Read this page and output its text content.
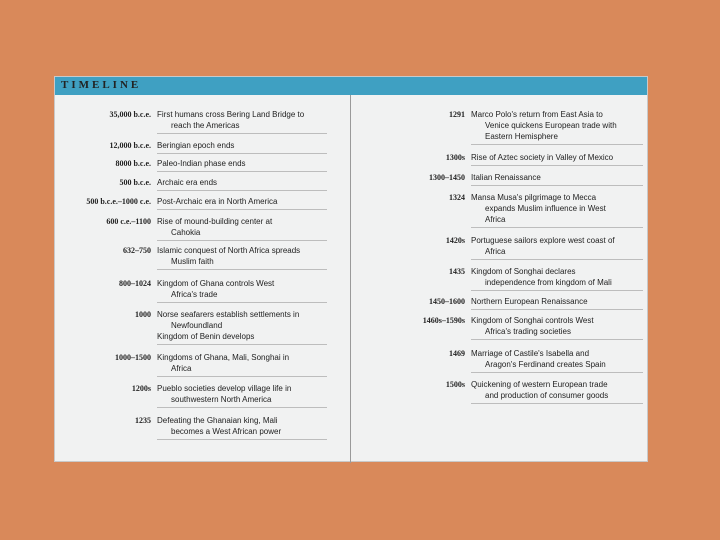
TIMELINE
35,000 b.c.e. First humans cross Bering Land Bridge to
reach the Americas
12,000 b.c.e. Beringian epoch ends
8000 b.c.e. Paleo-Indian phase ends
500 b.c.e. Archaic era ends
500 b.c.e.–1000 c.e. Post-Archaic era in North America
600 c.e.–1100 Rise of mound-building center at
Cahokia
632–750 Islamic conquest of North Africa spreads
Muslim faith
800–1024 Kingdom of Ghana controls West
Africa's trade
1000 Norse seafarers establish settlements in
Newfoundland
Kingdom of Benin develops
1000–1500 Kingdoms of Ghana, Mali, Songhai in
Africa
1200s Pueblo societies develop village life in
southwestern North America
1235 Defeating the Ghanaian king, Mali
becomes a West African power
1291 Marco Polo's return from East Asia to
Venice quickens European trade with
Eastern Hemisphere
1300s Rise of Aztec society in Valley of Mexico
1300–1450 Italian Renaissance
1324 Mansa Musa's pilgrimage to Mecca
expands Muslim influence in West
Africa
1420s Portuguese sailors explore west coast of
Africa
1435 Kingdom of Songhai declares
independence from kingdom of Mali
1450–1600 Northern European Renaissance
1460s–1590s Kingdom of Songhai controls West
Africa's trading societies
1469 Marriage of Castile's Isabella and
Aragon's Ferdinand creates Spain
1500s Quickening of western European trade
and production of consumer goods
